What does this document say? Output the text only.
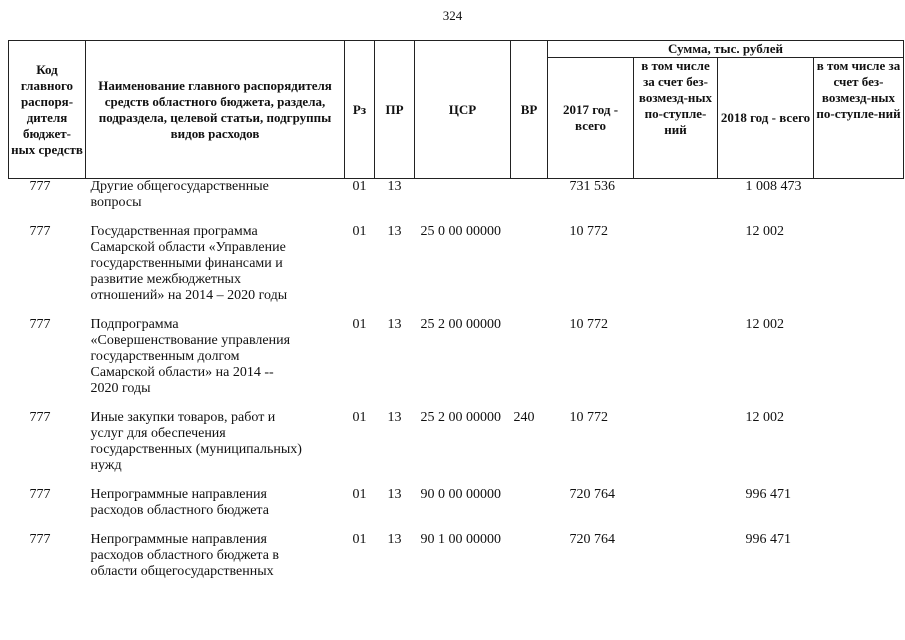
324
Код главного распоря-дителя бюджет-ных средств	Наименование главного распорядителя средств областного бюджета, раздела, подраздела, целевой статьи, подгруппы видов расходов	Рз	ПР	ЦСР	ВР	Сумма, тыс. рублей			
						2017 год - всего	в том числе за счет без-возмезд-ных по-ступле-ний	2018 год - всего	в том числе за счет без-возмезд-ных по-ступле-ний
777	Другие общегосударственные
вопросы	01	13			731 536		1 008 473	
777	Государственная программа
Самарской области «Управление
государственными финансами и
развитие межбюджетных
отношений» на 2014 – 2020 годы	01	13	25 0 00 00000		10 772		12 002	
777	Подпрограмма
«Совершенствование управления
государственным долгом
Самарской области» на 2014 --
2020 годы	01	13	25 2 00 00000		10 772		12 002	
777	Иные закупки товаров, работ и
услуг для обеспечения
государственных (муниципальных)
нужд	01	13	25 2 00 00000	240	10 772		12 002	
777	Непрограммные направления
расходов областного бюджета	01	13	90 0 00 00000		720 764		996 471	
777	Непрограммные направления
расходов областного бюджета в
области общегосударственных	01	13	90 1 00 00000		720 764		996 471	
